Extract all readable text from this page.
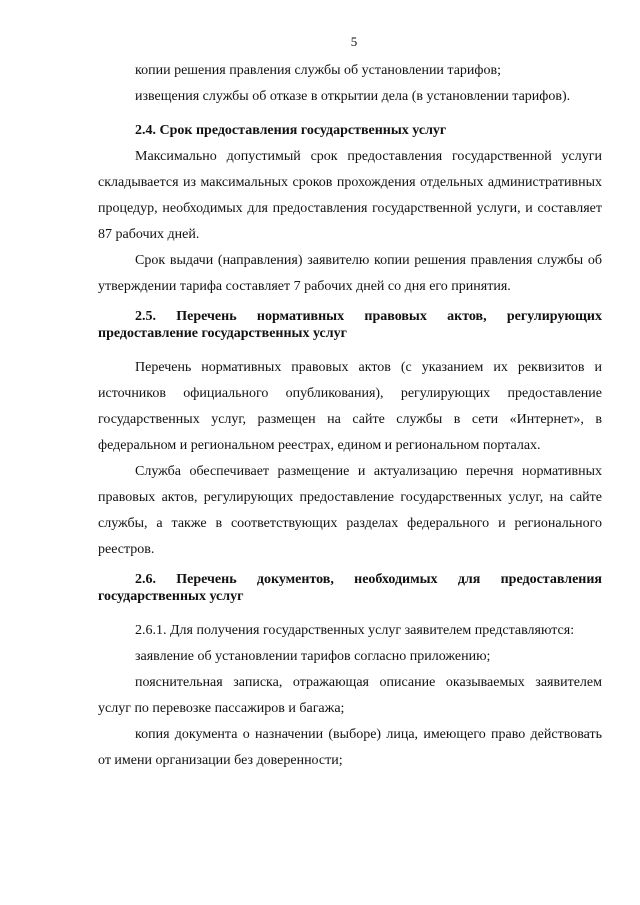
5

копии решения правления службы об установлении тарифов;

извещения службы об отказе в открытии дела (в установлении тарифов).

2.4. Срок предоставления государственных услуг

Максимально допустимый срок предоставления государственной услуги складывается из максимальных сроков прохождения отдельных административных процедур, необходимых для предоставления государственной услуги, и составляет 87 рабочих дней.

Срок выдачи (направления) заявителю копии решения правления службы об утверждении тарифа составляет 7 рабочих дней со дня его принятия.

2.5. Перечень нормативных правовых актов, регулирующих предоставление государственных услуг

Перечень нормативных правовых актов (с указанием их реквизитов и источников официального опубликования), регулирующих предоставление государственных услуг, размещен на сайте службы в сети «Интернет», в федеральном и региональном реестрах, едином и региональном порталах.

Служба обеспечивает размещение и актуализацию перечня нормативных правовых актов, регулирующих предоставление государственных услуг, на сайте службы, а также в соответствующих разделах федерального и регионального реестров.

2.6. Перечень документов, необходимых для предоставления государственных услуг

2.6.1. Для получения государственных услуг заявителем представляются:

заявление об установлении тарифов согласно приложению;

пояснительная записка, отражающая описание оказываемых заявителем услуг по перевозке пассажиров и багажа;

копия документа о назначении (выборе) лица, имеющего право действовать от имени организации без доверенности;
